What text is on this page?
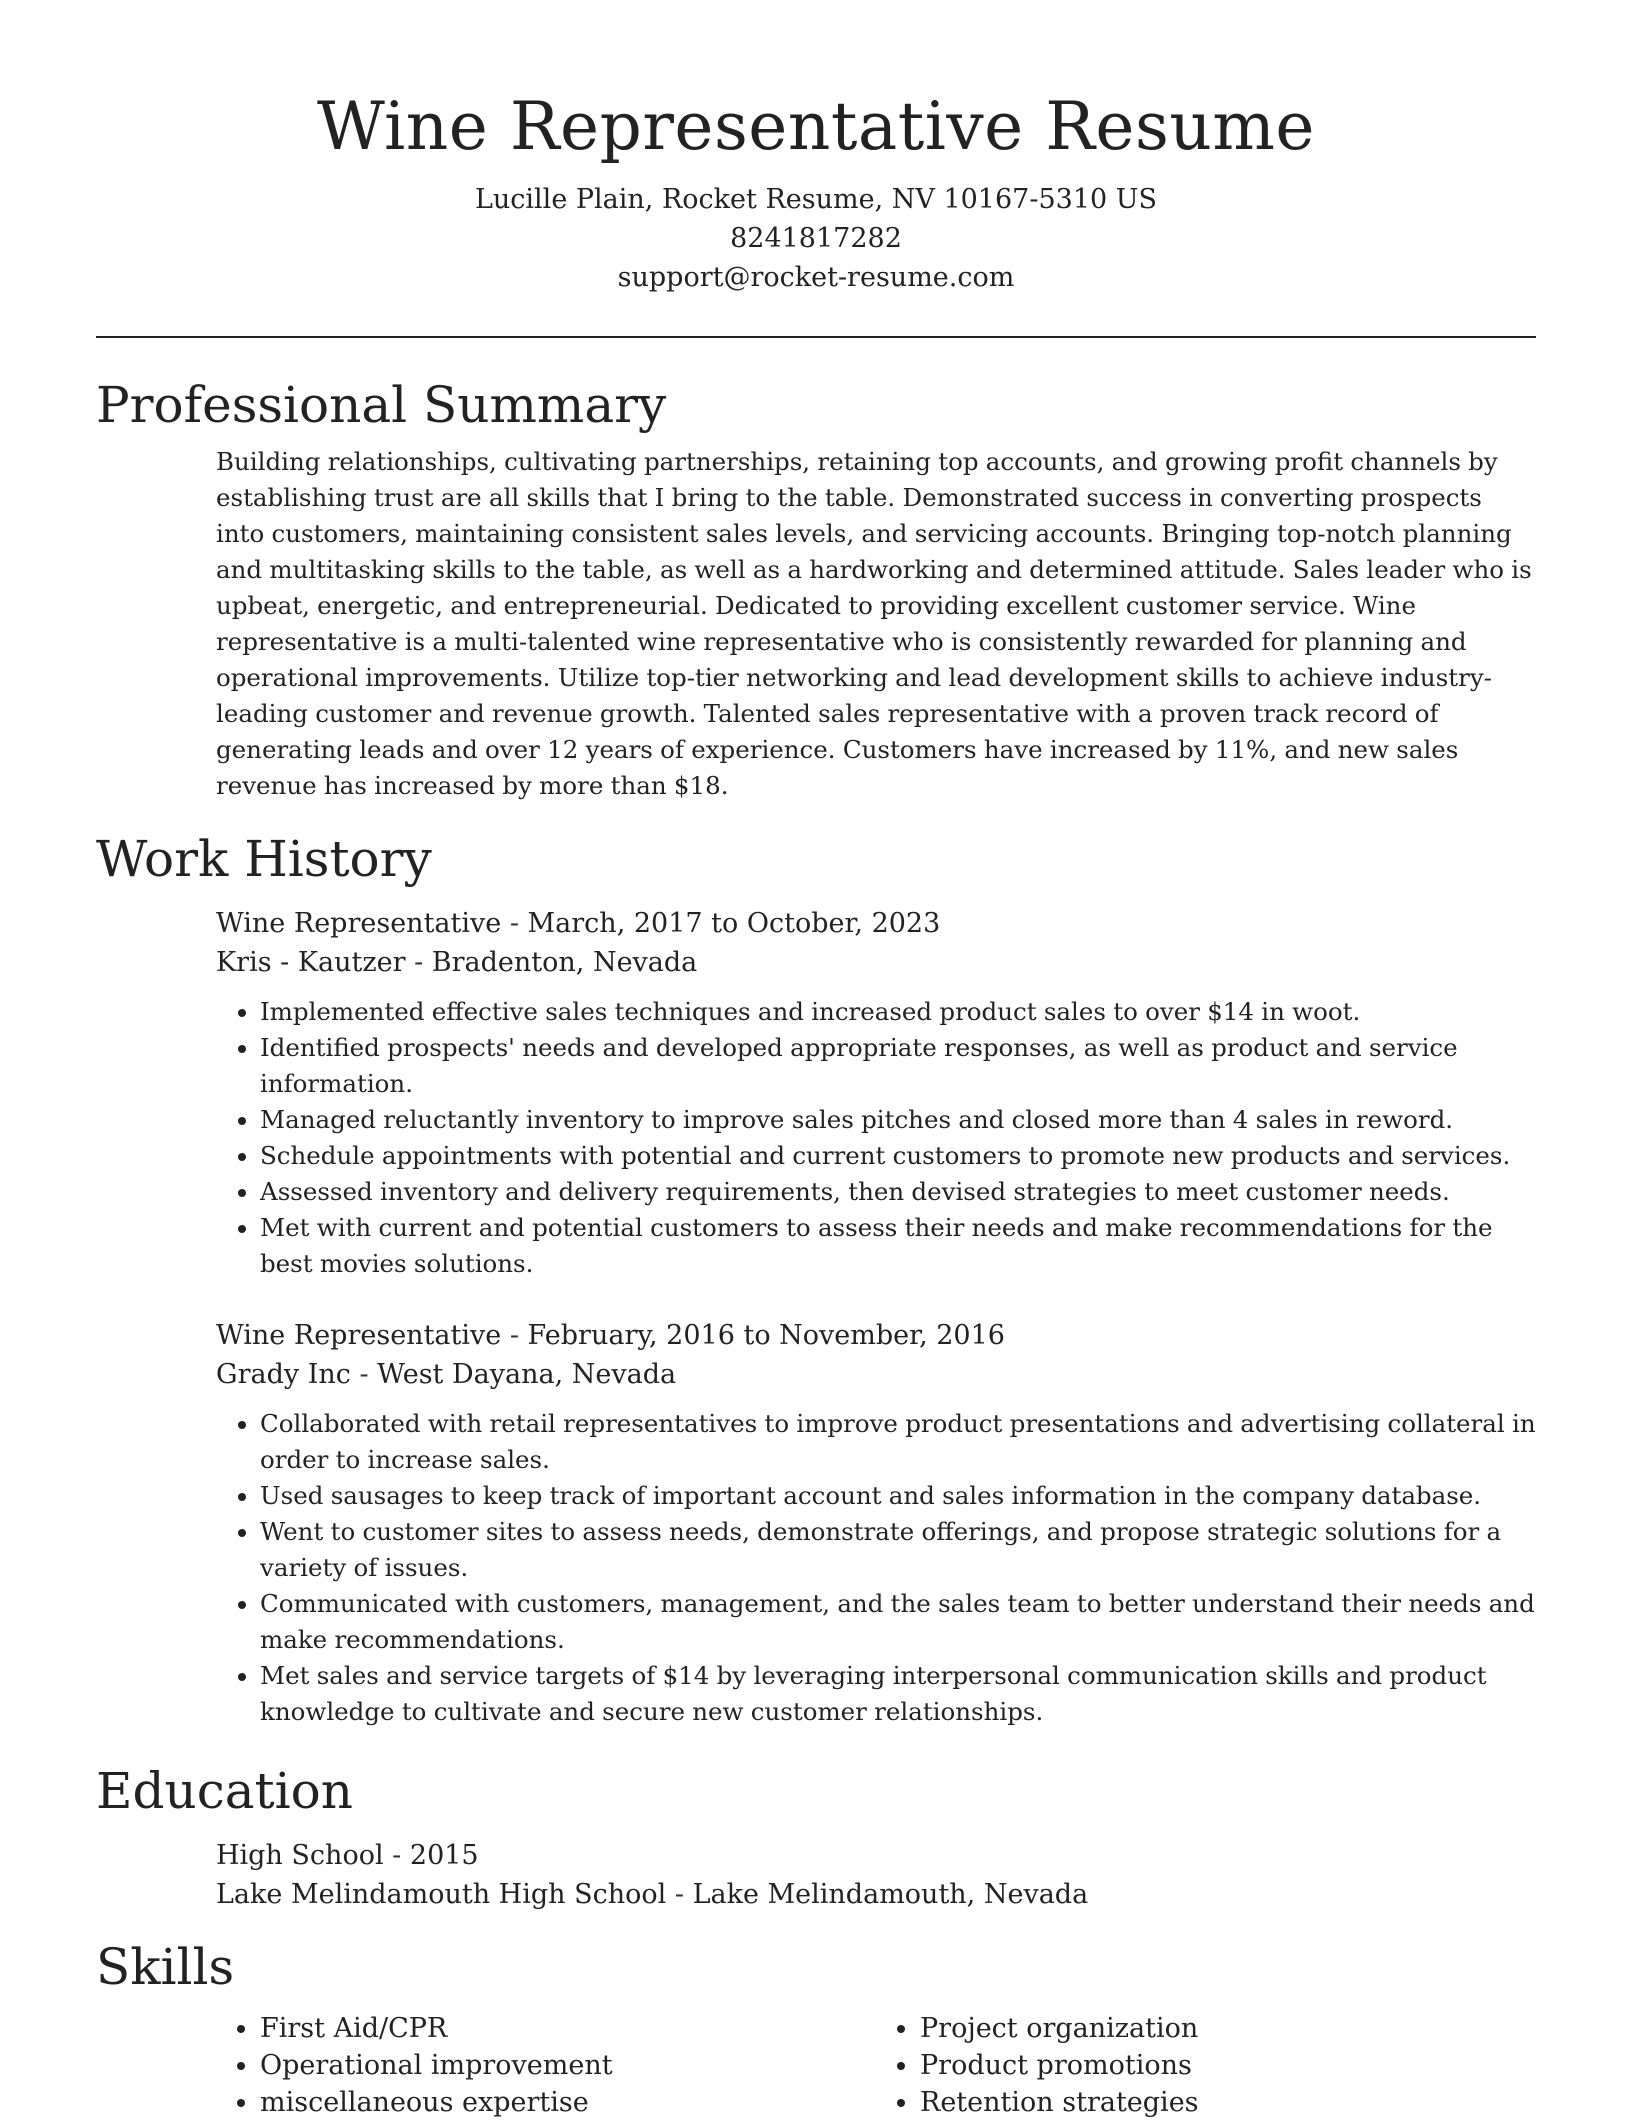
Wine Representative Resume
Lucille Plain, Rocket Resume, NV 10167-5310 US
8241817282
support@rocket-resume.com
Professional Summary
Building relationships, cultivating partnerships, retaining top accounts, and growing profit channels by establishing trust are all skills that I bring to the table. Demonstrated success in converting prospects into customers, maintaining consistent sales levels, and servicing accounts. Bringing top-notch planning and multitasking skills to the table, as well as a hardworking and determined attitude. Sales leader who is upbeat, energetic, and entrepreneurial. Dedicated to providing excellent customer service. Wine representative is a multi-talented wine representative who is consistently rewarded for planning and operational improvements. Utilize top-tier networking and lead development skills to achieve industry-leading customer and revenue growth. Talented sales representative with a proven track record of generating leads and over 12 years of experience. Customers have increased by 11%, and new sales revenue has increased by more than $18.
Work History
Wine Representative - March, 2017 to October, 2023
Kris - Kautzer - Bradenton, Nevada
• Implemented effective sales techniques and increased product sales to over $14 in woot.
• Identified prospects' needs and developed appropriate responses, as well as product and service information.
• Managed reluctantly inventory to improve sales pitches and closed more than 4 sales in reword.
• Schedule appointments with potential and current customers to promote new products and services.
• Assessed inventory and delivery requirements, then devised strategies to meet customer needs.
• Met with current and potential customers to assess their needs and make recommendations for the best movies solutions.
Wine Representative - February, 2016 to November, 2016
Grady Inc - West Dayana, Nevada
• Collaborated with retail representatives to improve product presentations and advertising collateral in order to increase sales.
• Used sausages to keep track of important account and sales information in the company database.
• Went to customer sites to assess needs, demonstrate offerings, and propose strategic solutions for a variety of issues.
• Communicated with customers, management, and the sales team to better understand their needs and make recommendations.
• Met sales and service targets of $14 by leveraging interpersonal communication skills and product knowledge to cultivate and secure new customer relationships.
Education
High School - 2015
Lake Melindamouth High School - Lake Melindamouth, Nevada
Skills
• First Aid/CPR
• Operational improvement
• miscellaneous expertise
• Project organization
• Product promotions
• Retention strategies
